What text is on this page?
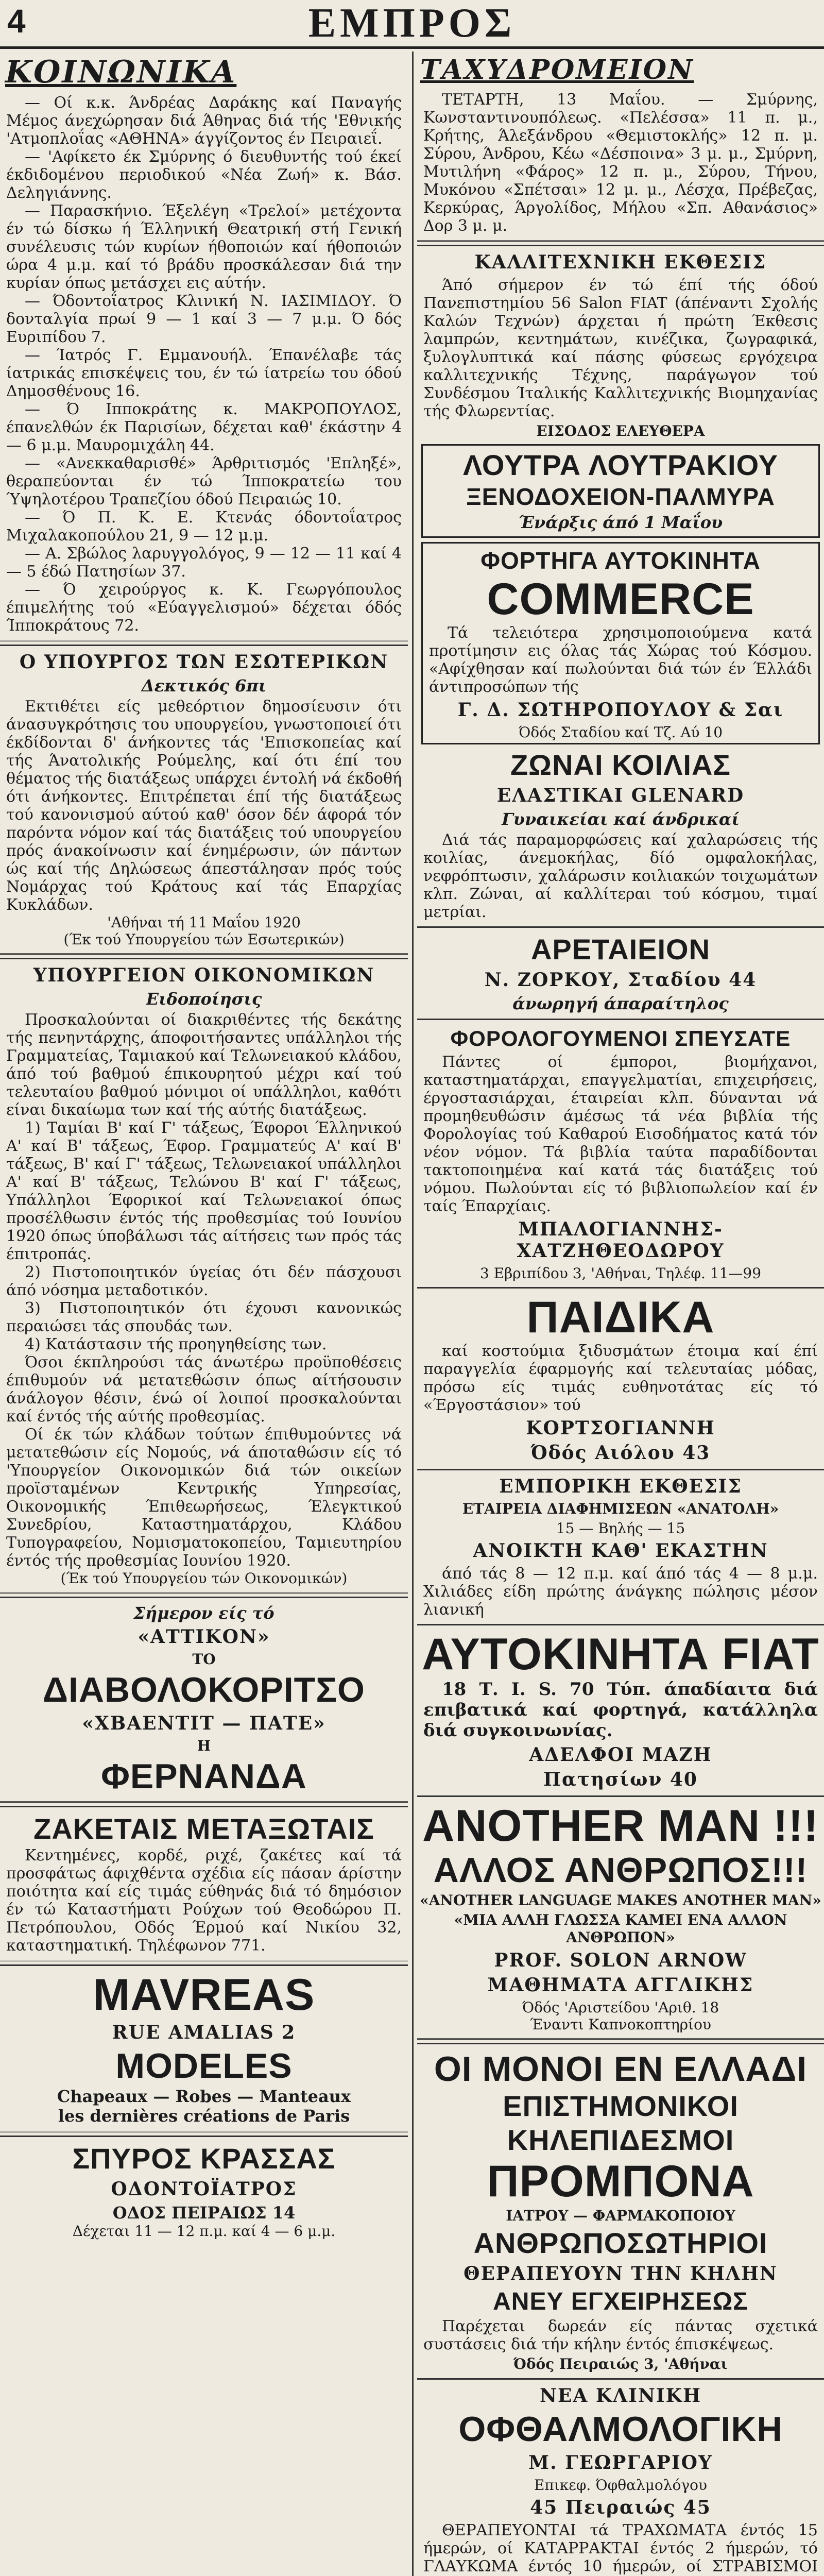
4	ΕΜΠΡΟΣ
ΚΟΙΝΩΝΙΚΑ

— Οί κ.κ. Άνδρέας Δαράκης καί Παναγής Μέμος άνεχώρησαν διά Άθηνας διά τής 'Εθνικής 'Ατμοπλοΐας «ΑΘΗΝΑ» άγγίζοντος έν Πειραιεΐ.

— 'Αφίκετο έκ Σμύρνης ό διευθυντής τού έκεί έκδιδομένου περιοδικού «Νέα Ζωή» κ. Βάσ. Δεληγιάννης.

— Παρασκήνιο. Έξελέγη «Τρελοί» μετέχοντα έν τώ δίσκω ή Έλληνική Θεατρική στή Γενική συνέλευσις τών κυρίων ήθοποιών καί ήθοποιών ώρα 4 μ.μ. καί τό βράδυ προσκάλεσαν διά την κυρίαν όπως μετάσχει εις αύτήν.

— Όδοντοΐατρος Κλινική Ν. ΙΑΣΙΜΙΔΟΥ. Ό δονταλγία πρωί 9 — 1 καί 3 — 7 μ.μ. Ό δός Ευριπίδου 7.

— Ίατρός Γ. Εμμανουήλ. Έπανέλαβε τάς ίατρικάς επισκέψεις του, έν τώ ίατρείω του όδού Δημοσθένους 16.

— Ό Ιπποκράτης κ. ΜΑΚΡΟΠΟΥΛΟΣ, έπανελθών έκ Παρισίων, δέχεται καθ' έκάστην 4 — 6 μ.μ. Μαυρομιχάλη 44.

— «Ανεκκαθαρισθέ» Άρθριτισμός 'Επληξέ», θεραπεύονται έν τώ Ίπποκρατείω του Ύψηλοτέρου Τραπεζίου όδού Πειραιώς 10.

— Ό Π. Κ. Ε. Κτενάς όδοντοΐατρος Μιχαλακοπούλου 21, 9 — 12 μ.μ.

— Α. Σβώλος λαρυγγολόγος, 9 — 12 — 11 καί 4 — 5 έδώ Πατησίων 37.

— Ό χειρούργος κ. Κ. Γεωργόπουλος έπιμελήτης τού «Εύαγγελισμού» δέχεται όδός Ίπποκράτους 72.

Ο ΥΠΟΥΡΓΟΣ ΤΩΝ ΕΣΩΤΕΡΙΚΩΝ
Δεκτικός 6πι

Εκτιθέτει είς μεθεόρτιον δημοσίευσιν ότι άνασυγκρότησις του υπουργείου, γνωστοποιεί ότι έκδίδονται δ' άνήκοντες τάς 'Επισκοπείας καί τής Άνατολικής Ρούμελης, καί ότι έπί του θέματος τής διατάξεως υπάρχει έντολή νά έκδοθή ότι άνήκοντες. Επιτρέπεται έπί τής διατάξεως τού κανονισμού αύτού καθ' όσον δέν άφορά τόν παρόντα νόμον καί τάς διατάξεις τού υπουργείου πρός άνακοίνωσιν καί ένημέρωσιν, ών πάντων ώς καί τής Δηλώσεως άπεστάλησαν πρός τούς Νομάρχας τού Κράτους καί τάς Επαρχίας Κυκλάδων.

'Αθήναι τή 11 Μαΐου 1920
(Έκ τού Υπουργείου τών Εσωτερικών)
ΥΠΟΥΡΓΕΙΟΝ ΟΙΚΟΝΟΜΙΚΩΝ
Ειδοποίησις

Προσκαλούνται οί διακριθέντες τής δεκάτης τής πενηντάρχης, άποφοιτήσαντες υπάλληλοι τής Γραμματείας, Ταμιακού καί Τελωνειακού κλάδου, άπό τού βαθμού έπικουρητού μέχρι καί τού τελευταίου βαθμού μόνιμοι οί υπάλληλοι, καθότι είναι δικαίωμα των καί τής αύτής διατάξεως.

1) Ταμίαι Β' καί Γ' τάξεως, Έφοροι Έλληνικού Α' καί Β' τάξεως, Έφορ. Γραμματεύς Α' καί Β' τάξεως, Β' καί Γ' τάξεως, Τελωνειακοί υπάλληλοι Α' καί Β' τάξεως, Τελώνου Β' καί Γ' τάξεως, Υπάλληλοι Έφορικοί καί Τελωνειακοί όπως προσέλθωσιν έντός τής προθεσμίας τού Ιουνίου 1920 όπως ύποβάλωσι τάς αίτήσεις των πρός τάς έπιτροπάς.

2) Πιστοποιητικόν ύγείας ότι δέν πάσχουσι άπό νόσημα μεταδοτικόν.

3) Πιστοποιητικόν ότι έχουσι κανονικώς περαιώσει τάς σπουδάς των.

4) Κατάστασιν τής προηγηθείσης των.

Όσοι έκπληρούσι τάς άνωτέρω προϋποθέσεις έπιθυμούν νά μετατεθώσιν όπως αίτήσουσιν άνάλογον θέσιν, ένώ οί λοιποί προσκαλούνται καί έντός τής αύτής προθεσμίας.

Οί έκ τών κλάδων τούτων έπιθυμούντες νά μετατεθώσιν είς Νομούς, νά άποταθώσιν είς τό 'Υπουργείον Οικονομικών διά τών οικείων προϊσταμένων Κεντρικής Υπηρεσίας, Οικονομικής Έπιθεωρήσεως, Έλεγκτικού Συνεδρίου, Καταστηματάρχου, Κλάδου Τυπογραφείου, Νομισματοκοπείου, Ταμιευτηρίου έντός τής προθεσμίας Ιουνίου 1920.

(Έκ τού Υπουργείου τών Οικονομικών)
Σήμερον είς τό
«ΑΤΤΙΚΟΝ»
ΤΟ
ΔΙΑΒΟΛΟΚΟΡΙΤΣΟ
«ΧΒΑΕΝΤΙΤ — ΠΑΤΕ»
Η
ΦΕΡΝΑΝΔΑ
ΖΑΚΕΤΑΙΣ ΜΕΤΑΞΩΤΑΙΣ

Κεντημένες, κορδέ, ριχέ, ζακέτες καί τά προσφάτως άφιχθέντα σχέδια είς πάσαν άρίστην ποιότητα καί είς τιμάς εύθηνάς διά τό δημόσιον έν τώ Καταστήματι Ρούχων τού Θεοδώρου Π. Πετρόπουλου, Οδός Έρμού καί Νικίου 32, καταστηματική. Τηλέφωνον 771.

MAVREAS
RUE AMALIAS 2
MODELES
Chapeaux — Robes — Manteaux
les dernières créations de Paris
ΣΠΥΡΟΣ ΚΡΑΣΣΑΣ
ΟΔΟΝΤΟΪΑΤΡΟΣ
ΟΔΟΣ ΠΕΙΡΑΙΩΣ 14
Δέχεται 11 — 12 π.μ. καί 4 — 6 μ.μ.
ΤΑΧΥΔΡΟΜΕΙΟΝ

ΤΕΤΑΡΤΗ, 13 Μαΐου. — Σμύρνης, Κωνσταντινουπόλεως. «Πελέσσα» 11 π. μ., Κρήτης, Άλεξάνδρου «Θεμιστοκλής» 12 π. μ. Σύρου, Άνδρου, Κέω «Δέσποινα» 3 μ. μ., Σμύρνη, Μυτιλήνη «Φάρος» 12 π. μ., Σύρου, Τήνου, Μυκόνου «Σπέτσαι» 12 μ. μ., Λέσχα, Πρέβεζας, Κερκύρας, Άργολίδος, Μήλου «Σπ. Αθανάσιος» Δορ 3 μ. μ.

ΚΑΛΛΙΤΕΧΝΙΚΗ ΕΚΘΕΣΙΣ

Άπό σήμερον έν τώ έπί τής όδού Πανεπιστημίου 56 Salon FIAT (άπέναντι Σχολής Καλών Τεχνών) άρχεται ή πρώτη Έκθεσις λαμπρών, κεντημάτων, κινέζικα, ζωγραφικά, ξυλογλυπτικά καί πάσης φύσεως εργόχειρα καλλιτεχνικής Τέχνης, παράγωγον τού Συνδέσμου Ίταλικής Καλλιτεχνικής Βιομηχανίας τής Φλωρεντίας.

ΕΙΣΟΔΟΣ ΕΛΕΥΘΕΡΑ
ΛΟΥΤΡΑ ΛΟΥΤΡΑΚΙΟΥ
ΞΕΝΟΔΟΧΕΙΟΝ-ΠΑΛΜΥΡΑ
Ένάρξις άπό 1 Μαΐου
ΦΟΡΤΗΓΑ ΑΥΤΟΚΙΝΗΤΑ
COMMERCE

Τά τελειότερα χρησιμοποιούμενα κατά προτίμησιν εις όλας τάς Χώρας τού Κόσμου. «Αφίχθησαν καί πωλούνται διά τών έν Έλλάδι άντιπροσώπων τής

Γ. Δ. ΣΩΤΗΡΟΠΟΥΛΟΥ & Σαι
Όδός Σταδίου καί Τζ. Αύ 10
ΖΩΝΑΙ ΚΟΙΛΙΑΣ
ΕΛΑΣΤΙΚΑΙ GLENARD
Γυναικείαι καί άνδρικαί

Διά τάς παραμορφώσεις καί χαλαρώσεις τής κοιλίας, άνεμοκήλας, δίό ομφαλοκήλας, νεφρόπτωσιν, χαλάρωσιν κοιλιακών τοιχωμάτων κλπ. Ζώναι, αί καλλίτεραι τού κόσμου, τιμαί μετρίαι.

ΑΡΕΤΑΙΕΙΟΝ
Ν. ΖΟΡΚΟΥ, Σταδίου 44
άνωρηγή άπαραίτηλος
ΦΟΡΟΛΟΓΟΥΜΕΝΟΙ ΣΠΕΥΣΑΤΕ

Πάντες οί έμποροι, βιομήχανοι, καταστηματάρχαι, επαγγελματίαι, επιχειρήσεις, έργοστασιάρχαι, έταιρείαι κλπ. δύνανται νά προμηθευθώσιν άμέσως τά νέα βιβλία τής Φορολογίας τού Καθαρού Εισοδήματος κατά τόν νέον νόμον. Τά βιβλία ταύτα παραδίδονται τακτοποιημένα καί κατά τάς διατάξεις τού νόμου. Πωλούνται είς τό βιβλιοπωλείον καί έν ταίς Έπαρχίαις.

ΜΠΑΛΟΓΙΑΝΝΗΣ-ΧΑΤΖΗΘΕΟΔΩΡΟΥ
3 Εβριπίδου 3, 'Αθήναι, Τηλέφ. 11—99
ΠΑΙΔΙΚΑ

καί κοστούμια ξιδυσμάτων έτοιμα καί έπί παραγγελία έφαρμογής καί τελευταίας μόδας, πρόσω είς τιμάς ευθηνοτάτας είς τό «Έργοστάσιον» τού

ΚΟΡΤΣΟΓΙΑΝΝΗ
Όδός Αιόλου 43
ΕΜΠΟΡΙΚΗ ΕΚΘΕΣΙΣ
ΕΤΑΙΡΕΙΑ ΔΙΑΦΗΜΙΣΕΩΝ «ΑΝΑΤΟΛΗ»
15 — Βηλής — 15
ΑΝΟΙΚΤΗ ΚΑΘ' ΕΚΑΣΤΗΝ

άπό τάς 8 — 12 π.μ. καί άπό τάς 4 — 8 μ.μ. Χιλιάδες είδη πρώτης άνάγκης πώλησις μέσον λιανική

ΑΥΤΟΚΙΝΗΤΑ FIAT

18 Τ. Ι. S. 70 Τύπ. άπαδίαιτα διά επιβατικά καί φορτηγά, κατάλληλα διά συγκοινωνίας.

ΑΔΕΛΦΟΙ ΜΑΖΗ
Πατησίων 40
ANOTHER MAN !!!
ΑΛΛΟΣ ΑΝΘΡΩΠΟΣ!!!
«ANOTHER LANGUAGE MAKES ANOTHER MAN»
«ΜΙΑ ΑΛΛΗ ΓΛΩΣΣΑ ΚΑΜΕΙ ΕΝΑ ΑΛΛΟΝ ΑΝΘΡΩΠΟΝ»
PROF. SOLON ARNOW
ΜΑΘΗΜΑΤΑ ΑΓΓΛΙΚΗΣ
Όδός 'Αριστείδου 'Αριθ. 18
Έναντι Καπνοκοπτηρίου
ΟΙ ΜΟΝΟΙ ΕΝ ΕΛΛΑΔΙ
ΕΠΙΣΤΗΜΟΝΙΚΟΙ
ΚΗΛΕΠΙΔΕΣΜΟΙ
ΠΡΟΜΠΟΝΑ
ΙΑΤΡΟΥ — ΦΑΡΜΑΚΟΠΟΙΟΥ
ΑΝΘΡΩΠΟΣΩΤΗΡΙΟΙ
ΘΕΡΑΠΕΥΟΥΝ ΤΗΝ ΚΗΛΗΝ
ΑΝΕΥ ΕΓΧΕΙΡΗΣΕΩΣ

Παρέχεται δωρεάν είς πάντας σχετικά συστάσεις διά τήν κήλην έντός έπισκέψεως.

Όδός Πειραιώς 3, 'Αθήναι
ΝΕΑ ΚΛΙΝΙΚΗ
ΟΦΘΑΛΜΟΛΟΓΙΚΗ
Μ. ΓΕΩΡΓΑΡΙΟΥ
Επικεφ. Όφθαλμολόγου
45 Πειραιώς 45

ΘΕΡΑΠΕΥΟΝΤΑΙ τά ΤΡΑΧΩΜΑΤΑ έντός 15 ήμερών, οί ΚΑΤΑΡΡΑΚΤΑΙ έντός 2 ήμερών, τό ΓΛΑΥΚΩΜΑ έντός 10 ήμερών, οί ΣΤΡΑΒΙΣΜΟΙ
